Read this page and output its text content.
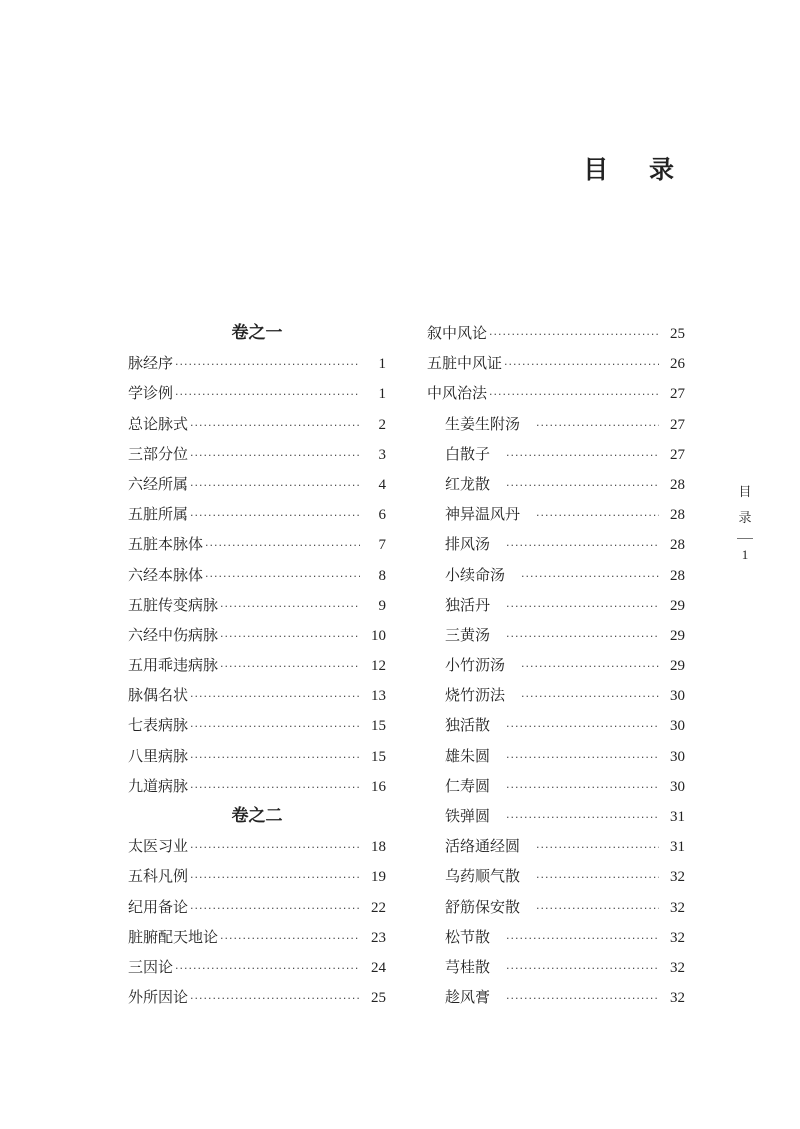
目 录
卷之一
脉经序 ·····	1
学诊例 ·····	1
总论脉式 ·····	2
三部分位 ·····	3
六经所属 ·····	4
五脏所属 ·····	6
五脏本脉体 ·····	7
六经本脉体 ·····	8
五脏传变病脉 ·····	9
六经中伤病脉 ·····	10
五用乖违病脉 ·····	12
脉偶名状 ·····	13
七表病脉 ·····	15
八里病脉 ·····	15
九道病脉 ·····	16
卷之二
太医习业 ·····	18
五科凡例 ·····	19
纪用备论 ·····	22
脏腑配天地论 ·····	23
三因论 ·····	24
外所因论 ·····	25
叙中风论 ·····	25
五脏中风证 ·····	26
中风治法 ·····	27
生姜生附汤 ·····	27
白散子 ·····	27
红龙散 ·····	28
神异温风丹 ·····	28
排风汤 ·····	28
小续命汤 ·····	28
独活丹 ·····	29
三黄汤 ·····	29
小竹沥汤 ·····	29
烧竹沥法 ·····	30
独活散 ·····	30
雄朱圆 ·····	30
仁寿圆 ·····	30
铁弹圆 ·····	31
活络通经圆 ·····	31
乌药顺气散 ·····	32
舒筋保安散 ·····	32
松节散 ·····	32
芎桂散 ·····	32
趁风膏 ·····	32
目
录
1
